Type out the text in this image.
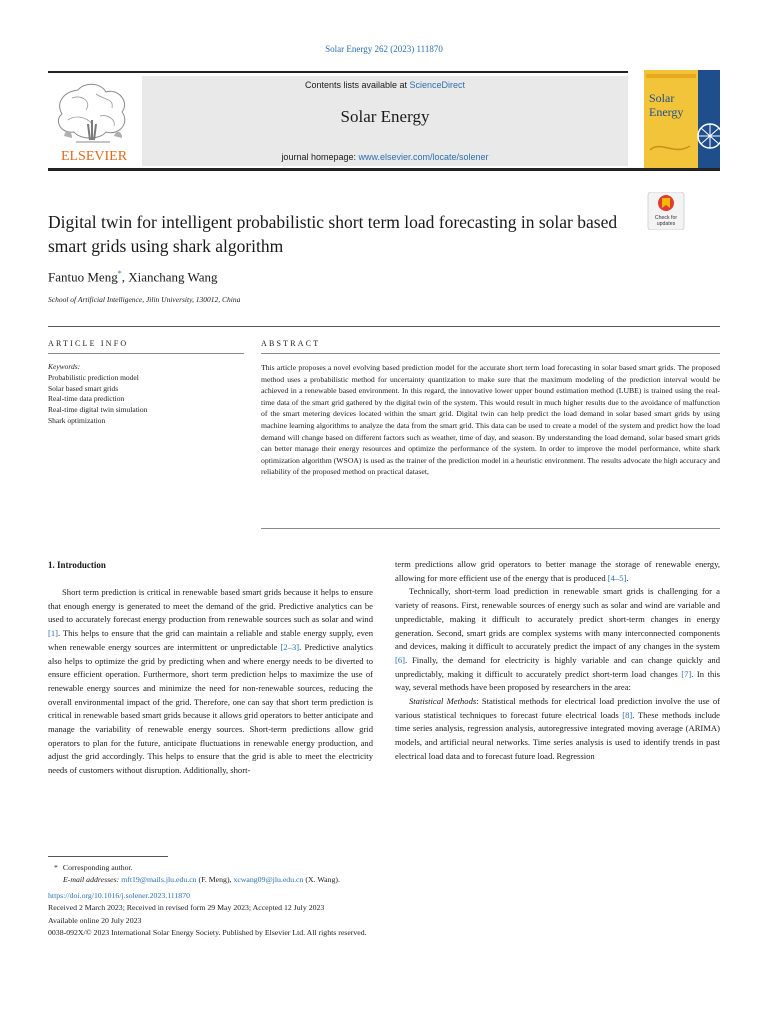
Solar Energy 262 (2023) 111870
ELSEVIER
Contents lists available at ScienceDirect
Solar Energy
journal homepage: www.elsevier.com/locate/solener
Solar
Energy
Digital twin for intelligent probabilistic short term load forecasting in solar based smart grids using shark algorithm
Check for
updates
Fantuo Meng*, Xianchang Wang
School of Artificial Intelligence, Jilin University, 130012, China
ARTICLE INFO	ABSTRACT
Keywords:
Probabilistic prediction model
Solar based smart grids
Real-time data prediction
Real-time digital twin simulation
Shark optimization
This article proposes a novel evolving based prediction model for the accurate short term load forecasting in solar based smart grids. The proposed method uses a probabilistic method for uncertainty quantization to make sure that the maximum modeling of the prediction interval would be achieved in a renewable based environment. In this regard, the innovative lower upper bound estimation method (LUBE) is trained using the real-time data of the smart grid gathered by the digital twin of the system. This would result in much higher results due to the avoidance of malfunction of the smart metering devices located within the smart grid. Digital twin can help predict the load demand in solar based smart grids by using machine learning algorithms to analyze the data from the smart grid. This data can be used to create a model of the system and predict how the load demand will change based on different factors such as weather, time of day, and season. By understanding the load demand, solar based smart grids can better manage their energy resources and optimize the performance of the system. In order to improve the model performance, white shark optimization algorithm (WSOA) is used as the trainer of the prediction model in a heuristic environment. The results advocate the high accuracy and reliability of the proposed method on practical dataset,
1. Introduction

Short term prediction is critical in renewable based smart grids because it helps to ensure that enough energy is generated to meet the demand of the grid. Predictive analytics can be used to accurately forecast energy production from renewable sources such as solar and wind [1]. This helps to ensure that the grid can maintain a reliable and stable energy supply, even when renewable energy sources are intermittent or unpredictable [2–3]. Predictive analytics also helps to optimize the grid by predicting when and where energy needs to be diverted to ensure efficient operation. Furthermore, short term prediction helps to maximize the use of renewable energy sources and minimize the need for non-renewable sources, reducing the overall environmental impact of the grid. Therefore, one can say that short term prediction is critical in renewable based smart grids because it allows grid operators to better anticipate and manage the variability of renewable energy sources. Short-term predictions allow grid operators to plan for the future, anticipate fluctuations in renewable energy production, and adjust the grid accordingly. This helps to ensure that the grid is able to meet the electricity needs of customers without disruption. Additionally, short-

term predictions allow grid operators to better manage the storage of renewable energy, allowing for more efficient use of the energy that is produced [4–5].

Technically, short-term load prediction in renewable smart grids is challenging for a variety of reasons. First, renewable sources of energy such as solar and wind are variable and unpredictable, making it difficult to accurately predict short-term changes in energy generation. Second, smart grids are complex systems with many interconnected components and devices, making it difficult to accurately predict the impact of any changes in the system [6]. Finally, the demand for electricity is highly variable and can change quickly and unpredictably, making it difficult to accurately predict short-term load changes [7]. In this way, several methods have been proposed by researchers in the area:

Statistical Methods: Statistical methods for electrical load prediction involve the use of various statistical techniques to forecast future electrical loads [8]. These methods include time series analysis, regression analysis, autoregressive integrated moving average (ARIMA) models, and artificial neural networks. Time series analysis is used to identify trends in past electrical load data and to forecast future load. Regression

* Corresponding author.
E-mail addresses: mft19@mails.jlu.edu.cn (F. Meng), xcwang09@jlu.edu.cn (X. Wang).
https://doi.org/10.1016/j.solener.2023.111870
Received 2 March 2023; Received in revised form 29 May 2023; Accepted 12 July 2023
Available online 20 July 2023
0038-092X/© 2023 International Solar Energy Society. Published by Elsevier Ltd. All rights reserved.
